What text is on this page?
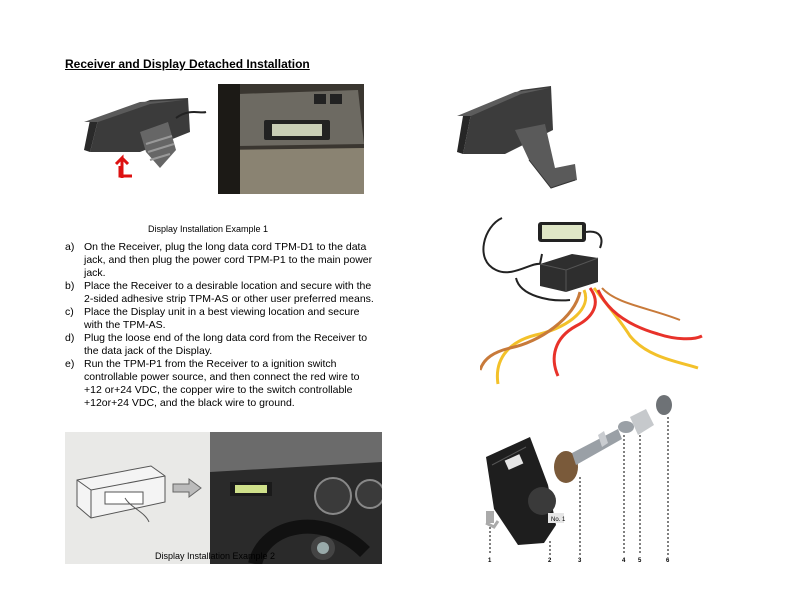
Receiver and Display Detached Installation
Display Installation Example 1
a) On the Receiver, plug the long data cord TPM-D1 to the data jack, and then plug the power cord TPM-P1 to the main power jack.
b) Place the Receiver to a desirable location and secure with the 2-sided adhesive strip TPM-AS or other user preferred means.
c) Place the Display unit in a best viewing location and secure with the TPM-AS.
d) Plug the loose end of the long data cord from the Receiver to the data jack of the Display.
e) Run the TPM-P1 from the Receiver to a ignition switch controllable power source, and then connect the red wire to +12 or+24 VDC, the copper wire to the switch controllable +12or+24 VDC, and the black wire to ground.
Display Installation Example 2
No. 1
1	2	3	4 5	6
